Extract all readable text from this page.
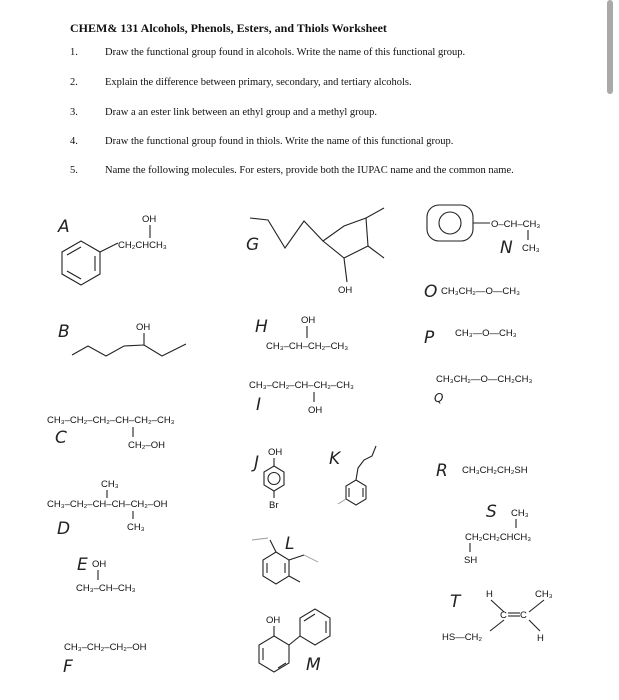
CHEM& 131 Alcohols, Phenols, Esters, and Thiols Worksheet
1.	Draw the functional group found in alcohols. Write the name of this functional group.
2.	Explain the difference between primary, secondary, and tertiary alcohols.
3.	Draw a an ester link between an ethyl group and a methyl group.
4.	Draw the functional group found in thiols. Write the name of this functional group.
5.	Name the following molecules. For esters, provide both the IUPAC name and the common name.
A	OH
CH₂CHCH₃
B	OH
CH₃–CH₂–CH₂–CH–CH₂–CH₃
CH₂–OH
C
CH₃
CH₃–CH₂–CH–CH–CH₂–OH
CH₃
D
E OH
CH₃–CH–CH₃
CH₃–CH₂–CH₂–OH
F
G
OH
H	OH
CH₃–CH–CH₂–CH₃
CH₃–CH₂–CH–CH₂–CH₃
OH
I
J
OH
Br
K
L
OH
M
O–CH–CH₃
CH₃
N
O CH₃CH₂—O—CH₃
P CH₃—O—CH₃
CH₃CH₂—O—CH₂CH₃
Q
R CH₃CH₂CH₂SH
S CH₃
CH₂CH₂CHCH₃
SH
T	H	CH₃
C C
HS—CH₂	H
